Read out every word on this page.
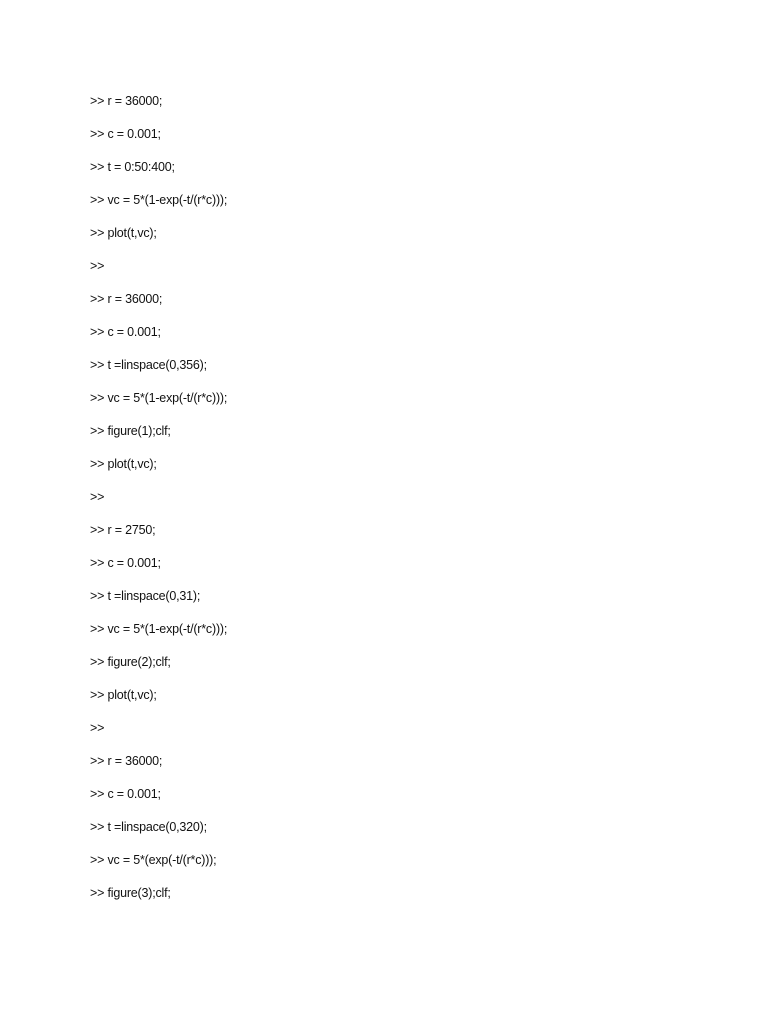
>> r = 36000;
>> c = 0.001;
>> t = 0:50:400;
>> vc = 5*(1-exp(-t/(r*c)));
>> plot(t,vc);
>>
>> r = 36000;
>> c = 0.001;
>> t =linspace(0,356);
>> vc = 5*(1-exp(-t/(r*c)));
>> figure(1);clf;
>> plot(t,vc);
>>
>> r = 2750;
>> c = 0.001;
>> t =linspace(0,31);
>> vc = 5*(1-exp(-t/(r*c)));
>> figure(2);clf;
>> plot(t,vc);
>>
>> r = 36000;
>> c = 0.001;
>> t =linspace(0,320);
>> vc = 5*(exp(-t/(r*c)));
>> figure(3);clf;
